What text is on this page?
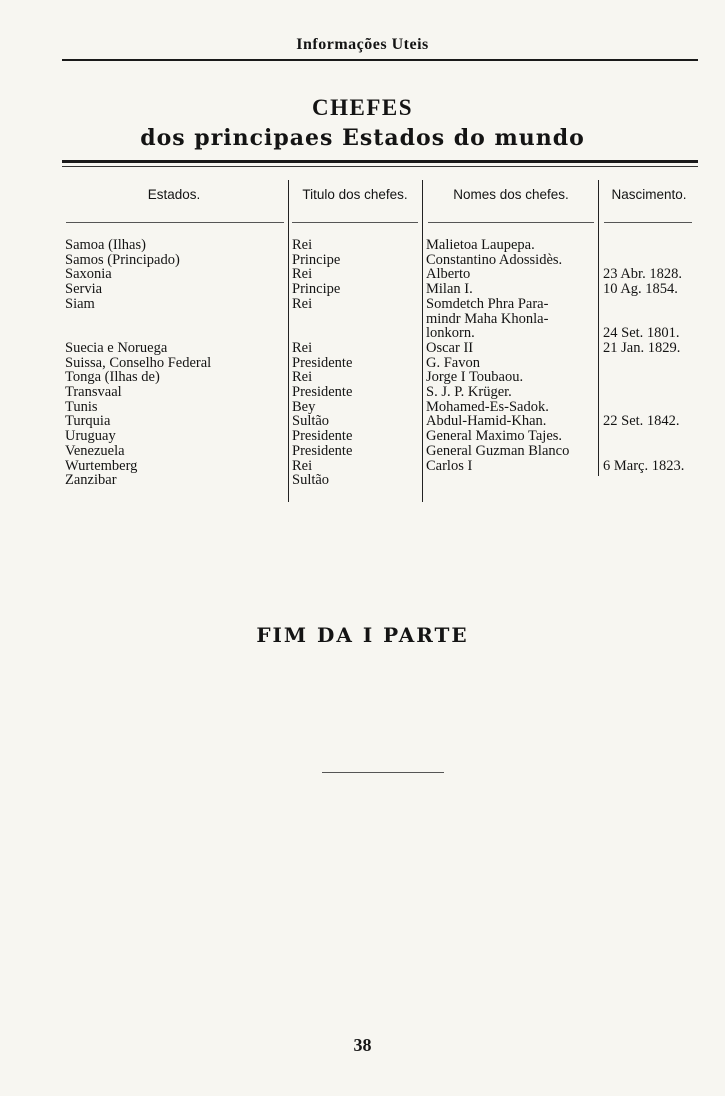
Informações Uteis
CHEFES
dos principaes Estados do mundo
Estados.	Titulo dos chefes.	Nomes dos chefes.	Nascimento.
Samoa (Ilhas)	Rei	Malietoa Laupepa.
Samos (Principado)	Principe	Constantino Adossidès.
Saxonia	Rei	Alberto	23 Abr. 1828.
Servia	Principe	Milan I.	10 Ag. 1854.
Siam	Rei	Somdetch Phra Para-
mindr Maha Khonla-
lonkorn.	24 Set. 1801.
Suecia e Noruega	Rei	Oscar II	21 Jan. 1829.
Suissa, Conselho Federal	Presidente	G. Favon
Tonga (Ilhas de)	Rei	Jorge I Toubaou.
Transvaal	Presidente	S. J. P. Krüger.
Tunis	Bey	Mohamed-Es-Sadok.
Turquia	Sultão	Abdul-Hamid-Khan.	22 Set. 1842.
Uruguay	Presidente	General Maximo Tajes.
Venezuela	Presidente	General Guzman Blanco
Wurtemberg	Rei	Carlos I	6 Març. 1823.
Zanzibar	Sultão
FIM DA I PARTE
38
